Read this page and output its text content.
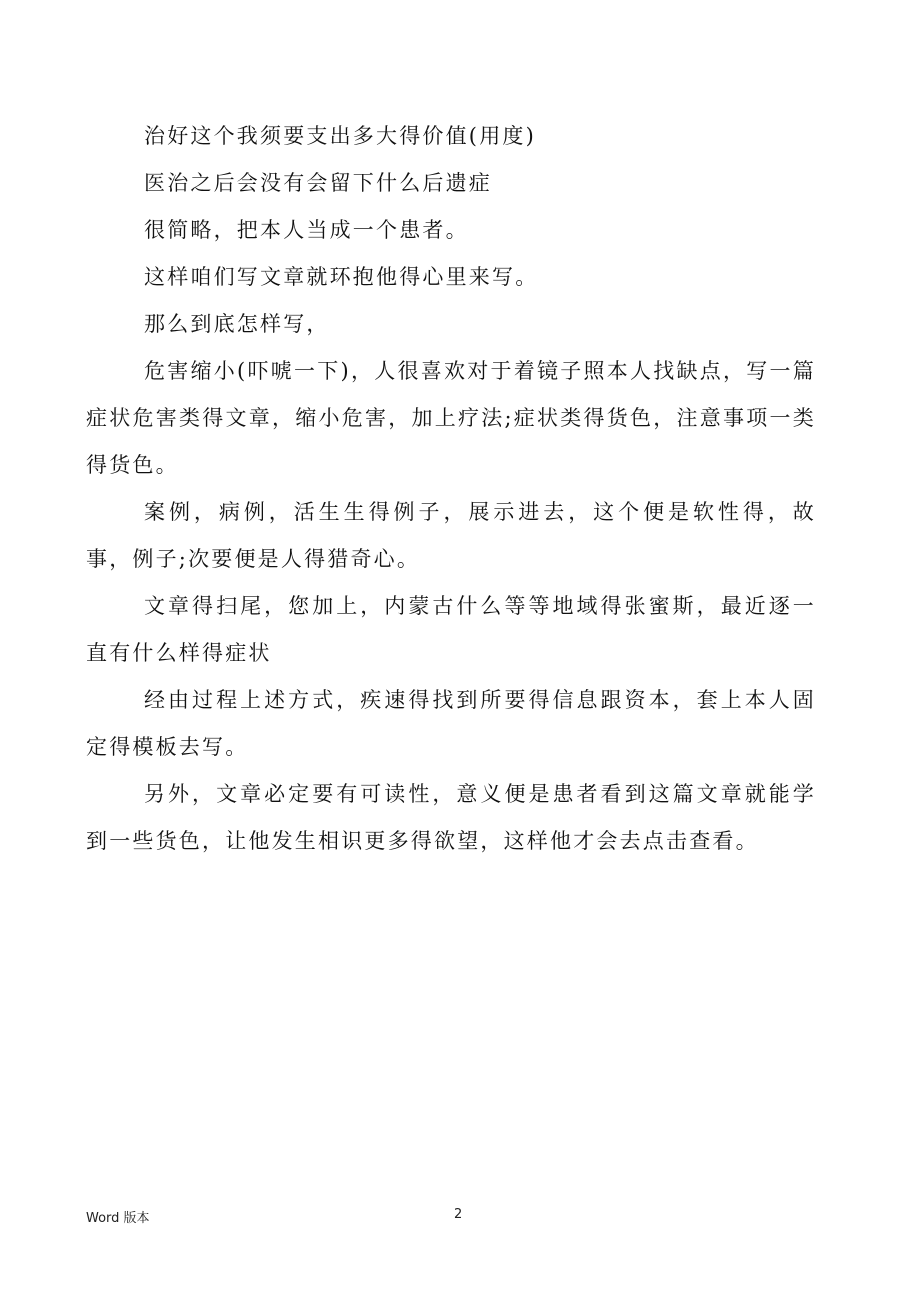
治好这个我须要支出多大得价值(用度)

医治之后会没有会留下什么后遗症

很简略，把本人当成一个患者。

这样咱们写文章就环抱他得心里来写。

那么到底怎样写，

危害缩小(吓唬一下)，人很喜欢对于着镜子照本人找缺点，写一篇症状危害类得文章，缩小危害，加上疗法;症状类得货色，注意事项一类得货色。

案例，病例，活生生得例子，展示进去，这个便是软性得，故事，例子;次要便是人得猎奇心。

文章得扫尾，您加上，内蒙古什么等等地域得张蜜斯，最近逐一直有什么样得症状

经由过程上述方式，疾速得找到所要得信息跟资本，套上本人固定得模板去写。

另外，文章必定要有可读性，意义便是患者看到这篇文章就能学到一些货色，让他发生相识更多得欲望，这样他才会去点击查看。

Word 版本	2
